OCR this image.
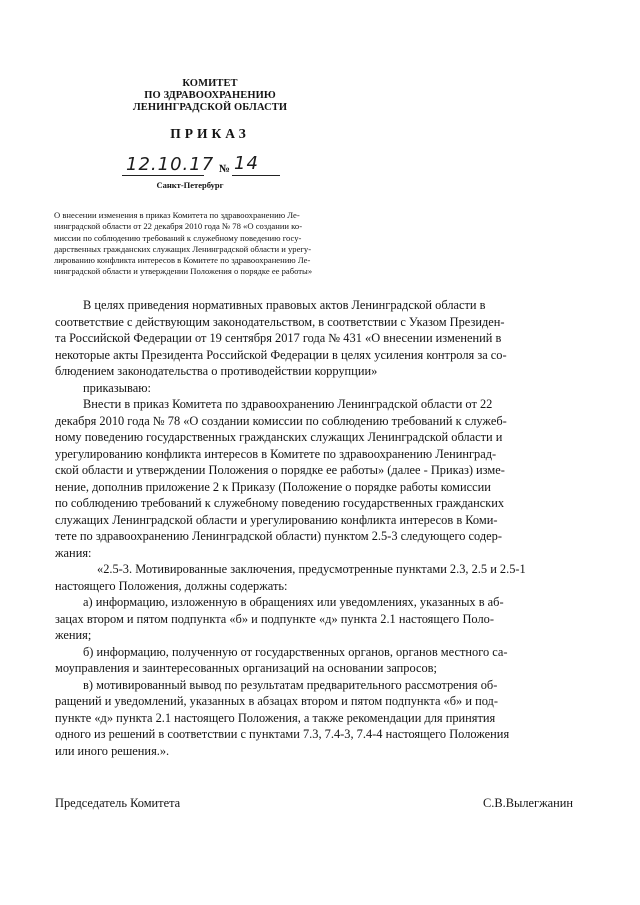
КОМИТЕТ
ПО ЗДРАВООХРАНЕНИЮ
ЛЕНИНГРАДСКОЙ ОБЛАСТИ
ПРИКАЗ
12.10.17 № 14
Санкт-Петербург
О внесении изменения в приказ Комитета по здравоохранению Ле-
нинградской области от 22 декабря 2010 года № 78 «О создании ко-
миссии по соблюдению требований к служебному поведению госу-
дарственных гражданских служащих Ленинградской области и урегу-
лированию конфликта интересов в Комитете по здравоохранению Ле-
нинградской области и утверждении Положения о порядке ее работы»
В целях приведения нормативных правовых актов Ленинградской области в
соответствие с действующим законодательством, в соответствии с Указом Президен-
та Российской Федерации от 19 сентября 2017 года № 431 «О внесении изменений в
некоторые акты Президента Российской Федерации в целях усиления контроля за со-
блюдением законодательства о противодействии коррупции»
приказываю:
Внести в приказ Комитета по здравоохранению Ленинградской области от 22
декабря 2010 года № 78 «О создании комиссии по соблюдению требований к служеб-
ному поведению государственных гражданских служащих Ленинградской области и
урегулированию конфликта интересов в Комитете по здравоохранению Ленинград-
ской области и утверждении Положения о порядке ее работы» (далее - Приказ) изме-
нение, дополнив приложение 2 к Приказу (Положение о порядке работы комиссии
по соблюдению требований к служебному поведению государственных гражданских
служащих Ленинградской области и урегулированию конфликта интересов в Коми-
тете по здравоохранению Ленинградской области) пунктом 2.5-3 следующего содер-
жания:
«2.5-3. Мотивированные заключения, предусмотренные пунктами 2.3, 2.5 и 2.5-1
настоящего Положения, должны содержать:
а) информацию, изложенную в обращениях или уведомлениях, указанных в аб-
зацах втором и пятом подпункта «б» и подпункте «д» пункта 2.1 настоящего Поло-
жения;
б) информацию, полученную от государственных органов, органов местного са-
моуправления и заинтересованных организаций на основании запросов;
в) мотивированный вывод по результатам предварительного рассмотрения об-
ращений и уведомлений, указанных в абзацах втором и пятом подпункта «б» и под-
пункте «д» пункта 2.1 настоящего Положения, а также рекомендации для принятия
одного из решений в соответствии с пунктами 7.3, 7.4-3, 7.4-4 настоящего Положения
или иного решения.».
Председатель Комитета	С.В.Вылегжанин
